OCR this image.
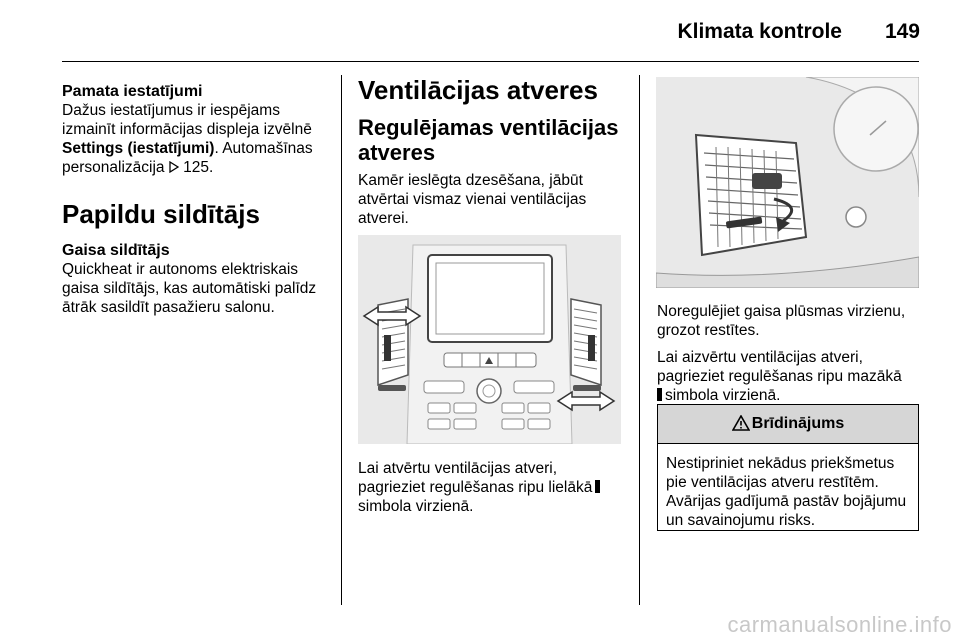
Klimata kontrole 149

Pamata iestatījumi

Dažus iestatījumus ir iespējams izmainīt informācijas displeja izvēlnē Settings (iestatījumi). Automašīnas personalizācija  125.

Papildu sildītājs

Gaisa sildītājs

Quickheat ir autonoms elektriskais gaisa sildītājs, kas automātiski palīdz ātrāk sasildīt pasažieru salonu.

Ventilācijas atveres

Regulējamas ventilācijas atveres

Kamēr ieslēgta dzesēšana, jābūt atvērtai vismaz vienai ventilācijas atverei.

Lai atvērtu ventilācijas atveri, pagrieziet regulēšanas ripu lielākāsimbola virzienā.

Noregulējiet gaisa plūsmas virzienu, grozot restītes.

Lai aizvērtu ventilācijas atveri, pagrieziet regulēšanas ripu mazākā
simbola virzienā.

Brīdinājums
Nestipriniet nekādus priekšmetus pie ventilācijas atveru restītēm. Avārijas gadījumā pastāv bojājumu un savainojumu risks.
carmanualsonline.info
